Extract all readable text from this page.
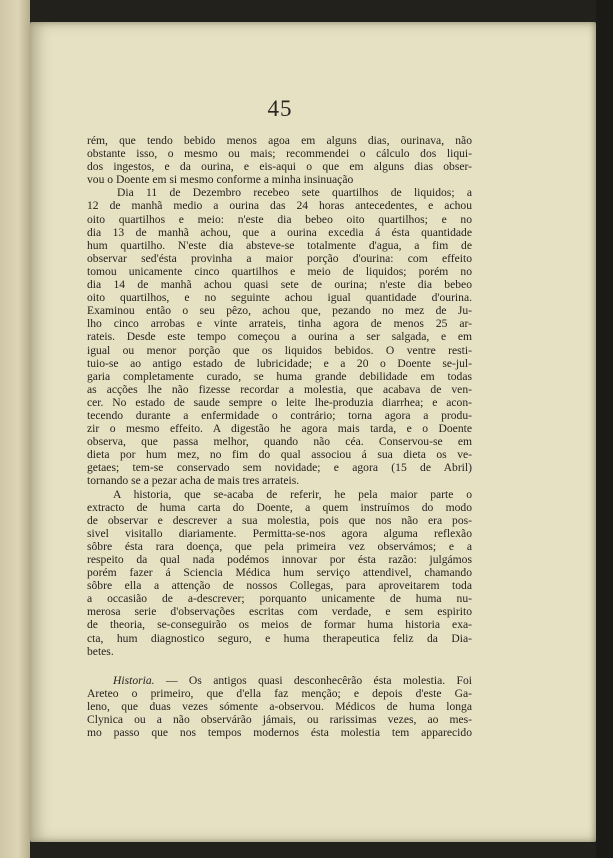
45
rém, que tendo bebido menos agoa em alguns dias, ourinava, não
obstante isso, o mesmo ou mais; recommendei o cálculo dos liqui-
dos ingestos, e da ourina, e eis-aqui o que em alguns dias obser-
vou o Doente em si mesmo conforme a minha insinuação
Dia 11 de Dezembro recebeo sete quartilhos de liquidos; a
12 de manhã medio a ourina das 24 horas antecedentes, e achou
oito quartilhos e meio: n'este dia bebeo oito quartilhos; e no
dia 13 de manhã achou, que a ourina excedia á ésta quantidade
hum quartilho. N'este dia absteve-se totalmente d'agua, a fim de
observar sed'ésta provinha a maior porção d'ourina: com effeito
tomou unicamente cinco quartilhos e meio de liquidos; porém no
dia 14 de manhã achou quasi sete de ourina; n'este dia bebeo
oito quartilhos, e no seguinte achou igual quantidade d'ourina.
Examinou então o seu pêzo, achou que, pezando no mez de Ju-
lho cinco arrobas e vinte arrateis, tinha agora de menos 25 ar-
rateis. Desde este tempo começou a ourina a ser salgada, e em
igual ou menor porção que os liquidos bebidos. O ventre resti-
tuio-se ao antigo estado de lubricidade; e a 20 o Doente se-jul-
garia completamente curado, se huma grande debilidade em todas
as acções lhe não fizesse recordar a molestia, que acabava de ven-
cer. No estado de saude sempre o leite lhe-produzia diarrhea; e acon-
tecendo durante a enfermidade o contrário; torna agora a produ-
zir o mesmo effeito. A digestão he agora mais tarda, e o Doente
observa, que passa melhor, quando não céa. Conservou-se em
dieta por hum mez, no fim do qual associou á sua dieta os ve-
getaes; tem-se conservado sem novidade; e agora (15 de Abril)
tornando se a pezar acha de mais tres arrateis.
A historia, que se-acaba de referir, he pela maior parte o
extracto de huma carta do Doente, a quem instruímos do modo
de observar e descrever a sua molestia, pois que nos não era pos-
sivel visitallo diariamente. Permitta-se-nos agora alguma reflexão
sôbre ésta rara doença, que pela primeira vez observámos; e a
respeito da qual nada podémos innovar por ésta razão: julgámos
porém fazer á Sciencia Médica hum serviço attendivel, chamando
sôbre ella a attenção de nossos Collegas, para aproveitarem toda
a occasião de a-descrever; porquanto unicamente de huma nu-
merosa serie d'observações escritas com verdade, e sem espirito
de theoria, se-conseguirão os meios de formar huma historia exa-
cta, hum diagnostico seguro, e huma therapeutica feliz da Dia-
betes.
Historia. — Os antigos quasi desconhecêrão ésta molestia. Foi
Areteo o primeiro, que d'ella faz menção; e depois d'este Ga-
leno, que duas vezes sómente a-observou. Médicos de huma longa
Clynica ou a não observárão jámais, ou rarissimas vezes, ao mes-
mo passo que nos tempos modernos ésta molestia tem apparecido
